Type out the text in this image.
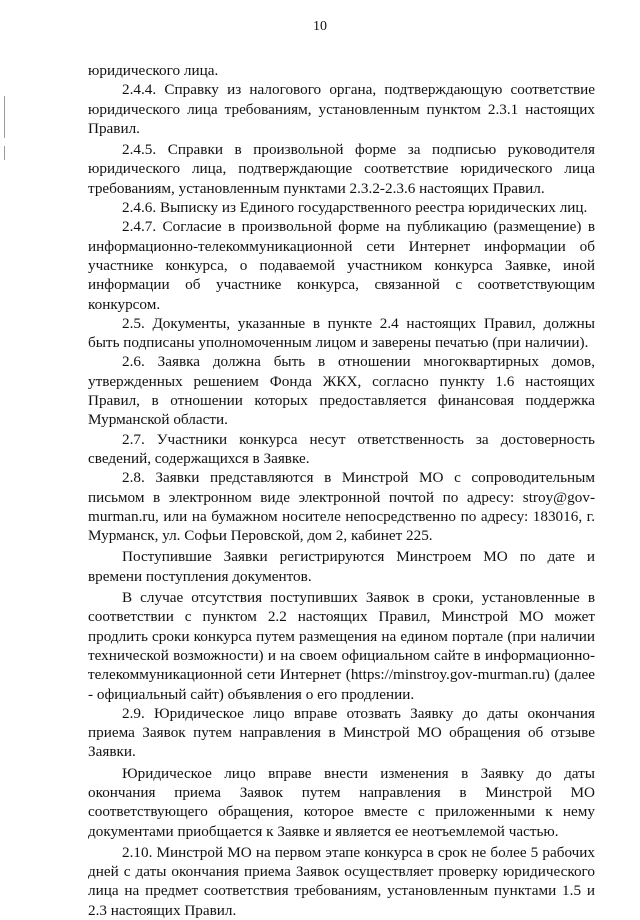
10

юридического лица.

2.4.4. Справку из налогового органа, подтверждающую соответствие юридического лица требованиям, установленным пунктом 2.3.1 настоящих Правил.

2.4.5. Справки в произвольной форме за подписью руководителя юридического лица, подтверждающие соответствие юридического лица требованиям, установленным пунктами 2.3.2-2.3.6 настоящих Правил.

2.4.6. Выписку из Единого государственного реестра юридических лиц.

2.4.7. Согласие в произвольной форме на публикацию (размещение) в информационно-телекоммуникационной сети Интернет информации об участнике конкурса, о подаваемой участником конкурса Заявке, иной информации об участнике конкурса, связанной с соответствующим конкурсом.

2.5. Документы, указанные в пункте 2.4 настоящих Правил, должны быть подписаны уполномоченным лицом и заверены печатью (при наличии).

2.6. Заявка должна быть в отношении многоквартирных домов, утвержденных решением Фонда ЖКХ, согласно пункту 1.6 настоящих Правил, в отношении которых предоставляется финансовая поддержка Мурманской области.

2.7. Участники конкурса несут ответственность за достоверность сведений, содержащихся в Заявке.

2.8. Заявки представляются в Минстрой МО с сопроводительным письмом в электронном виде электронной почтой по адресу: stroy@gov-murman.ru, или на бумажном носителе непосредственно по адресу: 183016, г. Мурманск, ул. Софьи Перовской, дом 2, кабинет 225.

Поступившие Заявки регистрируются Минстроем МО по дате и времени поступления документов.

В случае отсутствия поступивших Заявок в сроки, установленные в соответствии с пунктом 2.2 настоящих Правил, Минстрой МО может продлить сроки конкурса путем размещения на едином портале (при наличии технической возможности) и на своем официальном сайте в информационно- телекоммуникационной сети Интернет (https://minstroy.gov-murman.ru) (далее - официальный сайт) объявления о его продлении.

2.9. Юридическое лицо вправе отозвать Заявку до даты окончания приема Заявок путем направления в Минстрой МО обращения об отзыве Заявки.

Юридическое лицо вправе внести изменения в Заявку до даты окончания приема Заявок путем направления в Минстрой МО соответствующего обращения, которое вместе с приложенными к нему документами приобщается к Заявке и является ее неотъемлемой частью.

2.10. Минстрой МО на первом этапе конкурса в срок не более 5 рабочих дней с даты окончания приема Заявок осуществляет проверку юридического лица на предмет соответствия требованиям, установленным пунктами 1.5 и 2.3 настоящих Правил.
